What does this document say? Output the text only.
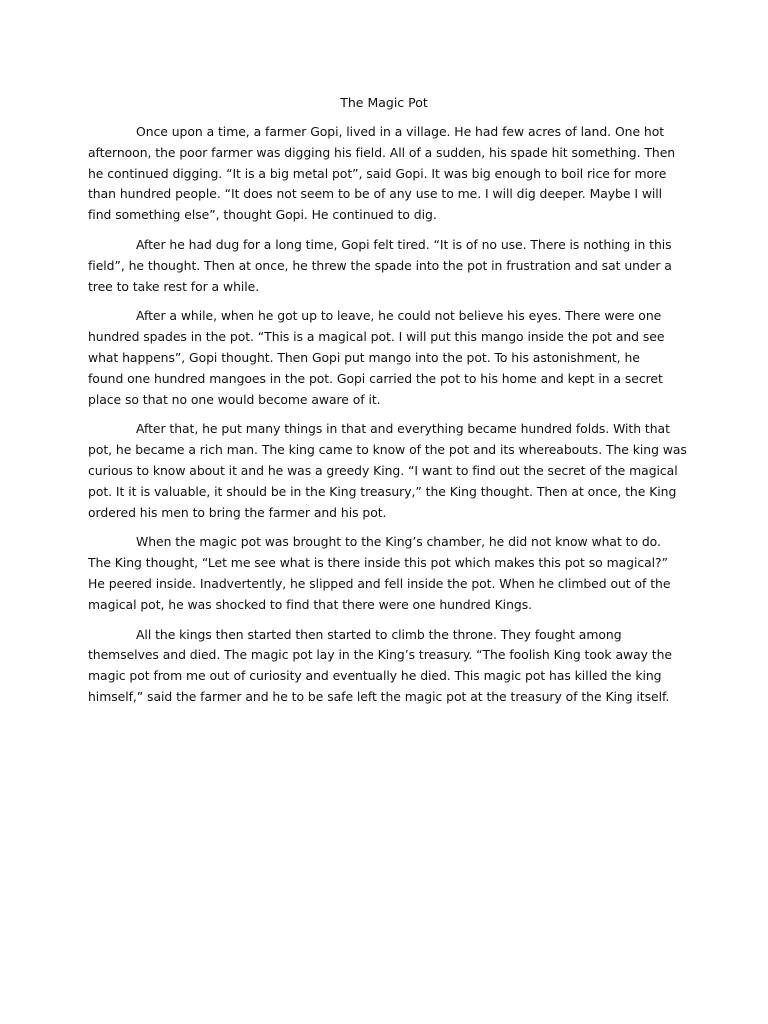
The Magic Pot

Once upon a time, a farmer Gopi, lived in a village. He had few acres of land. One hot
afternoon, the poor farmer was digging his field. All of a sudden, his spade hit something. Then
he continued digging. “It is a big metal pot”, said Gopi. It was big enough to boil rice for more
than hundred people. “It does not seem to be of any use to me. I will dig deeper. Maybe I will
find something else”, thought Gopi. He continued to dig.

After he had dug for a long time, Gopi felt tired. “It is of no use. There is nothing in this
field”, he thought. Then at once, he threw the spade into the pot in frustration and sat under a
tree to take rest for a while.

After a while, when he got up to leave, he could not believe his eyes. There were one
hundred spades in the pot. “This is a magical pot. I will put this mango inside the pot and see
what happens”, Gopi thought. Then Gopi put mango into the pot. To his astonishment, he
found one hundred mangoes in the pot. Gopi carried the pot to his home and kept in a secret
place so that no one would become aware of it.

After that, he put many things in that and everything became hundred folds. With that
pot, he became a rich man. The king came to know of the pot and its whereabouts. The king was
curious to know about it and he was a greedy King. “I want to find out the secret of the magical
pot. It it is valuable, it should be in the King treasury,” the King thought. Then at once, the King
ordered his men to bring the farmer and his pot.

When the magic pot was brought to the King’s chamber, he did not know what to do.
The King thought, “Let me see what is there inside this pot which makes this pot so magical?”
He peered inside. Inadvertently, he slipped and fell inside the pot. When he climbed out of the
magical pot, he was shocked to find that there were one hundred Kings.

All the kings then started then started to climb the throne. They fought among
themselves and died. The magic pot lay in the King’s treasury. “The foolish King took away the
magic pot from me out of curiosity and eventually he died. This magic pot has killed the king
himself,” said the farmer and he to be safe left the magic pot at the treasury of the King itself.
